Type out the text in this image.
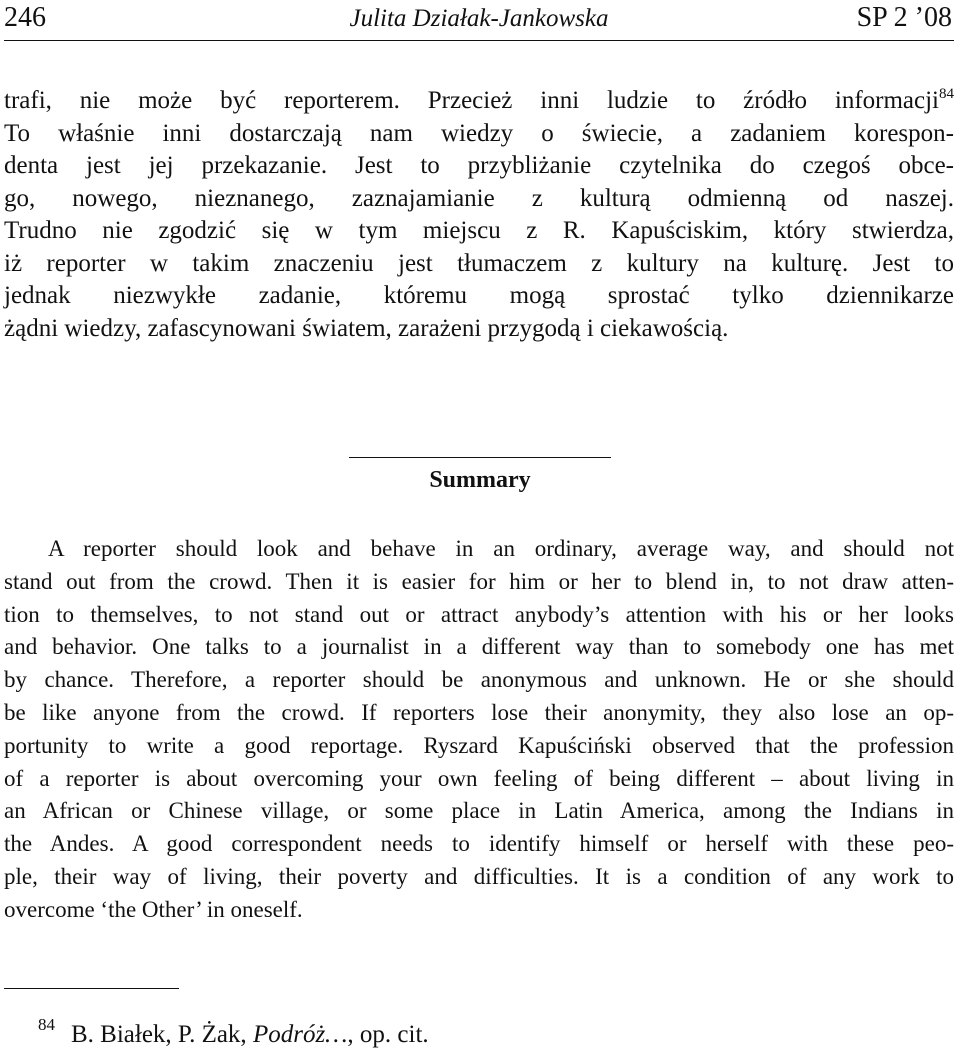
246	Julita Działak-Jankowska	SP 2 ’08
trafi, nie może być reporterem. Przecież inni ludzie to źródło informacji$^{84}$
To właśnie inni dostarczają nam wiedzy o świecie, a zadaniem korespon-
denta jest jej przekazanie. Jest to przybliżanie czytelnika do czegoś obce-
go, nowego, nieznanego, zaznajamianie z kulturą odmienną od naszej.
Trudno nie zgodzić się w tym miejscu z R. Kapuściskim, który stwierdza,
iż reporter w takim znaczeniu jest tłumaczem z kultury na kulturę. Jest to
jednak niezwykłe zadanie, któremu mogą sprostać tylko dziennikarze
żądni wiedzy, zafascynowani światem, zarażeni przygodą i ciekawością.
Summary
A reporter should look and behave in an ordinary, average way, and should not
stand out from the crowd. Then it is easier for him or her to blend in, to not draw atten-
tion to themselves, to not stand out or attract anybody’s attention with his or her looks
and behavior. One talks to a journalist in a different way than to somebody one has met
by chance. Therefore, a reporter should be anonymous and unknown. He or she should
be like anyone from the crowd. If reporters lose their anonymity, they also lose an op-
portunity to write a good reportage. Ryszard Kapuściński observed that the profession
of a reporter is about overcoming your own feeling of being different – about living in
an African or Chinese village, or some place in Latin America, among the Indians in
the Andes. A good correspondent needs to identify himself or herself with these peo-
ple, their way of living, their poverty and difficulties. It is a condition of any work to
overcome ‘the Other’ in oneself.
$^{84}$ B. Białek, P. Żak, Podróż…, op. cit.
